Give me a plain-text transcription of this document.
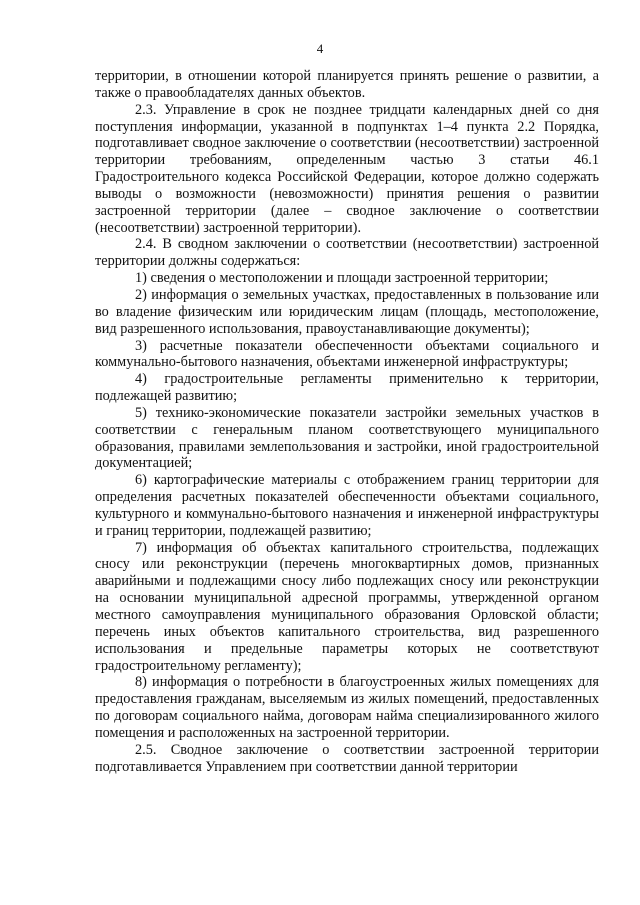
4

территории, в отношении которой планируется принять решение о развитии, а также о правообладателях данных объектов.

2.3. Управление в срок не позднее тридцати календарных дней со дня поступления информации, указанной в подпунктах 1–4 пункта 2.2 Порядка, подготавливает сводное заключение о соответствии (несоответствии) застроенной территории требованиям, определенным частью 3 статьи 46.1 Градостроительного кодекса Российской Федерации, которое должно содержать выводы о возможности (невозможности) принятия решения о развитии застроенной территории (далее – сводное заключение о соответствии (несоответствии) застроенной территории).

2.4. В сводном заключении о соответствии (несоответствии) застроенной территории должны содержаться:

1) сведения о местоположении и площади застроенной территории;

2) информация о земельных участках, предоставленных в пользование или во владение физическим или юридическим лицам (площадь, местоположение, вид разрешенного использования, правоустанавливающие документы);

3) расчетные показатели обеспеченности объектами социального и коммунально-бытового назначения, объектами инженерной инфраструктуры;

4) градостроительные регламенты применительно к территории, подлежащей развитию;

5) технико-экономические показатели застройки земельных участков в соответствии с генеральным планом соответствующего муниципального образования, правилами землепользования и застройки, иной градостроительной документацией;

6) картографические материалы с отображением границ территории для определения расчетных показателей обеспеченности объектами социального, культурного и коммунально-бытового назначения и инженерной инфраструктуры и границ территории, подлежащей развитию;

7) информация об объектах капитального строительства, подлежащих сносу или реконструкции (перечень многоквартирных домов, признанных аварийными и подлежащими сносу либо подлежащих сносу или реконструкции на основании муниципальной адресной программы, утвержденной органом местного самоуправления муниципального образования Орловской области; перечень иных объектов капитального строительства, вид разрешенного использования и предельные параметры которых не соответствуют градостроительному регламенту);

8) информация о потребности в благоустроенных жилых помещениях для предоставления гражданам, выселяемым из жилых помещений, предоставленных по договорам социального найма, договорам найма специализированного жилого помещения и расположенных на застроенной территории.

2.5. Сводное заключение о соответствии застроенной территории подготавливается Управлением при соответствии данной территории
